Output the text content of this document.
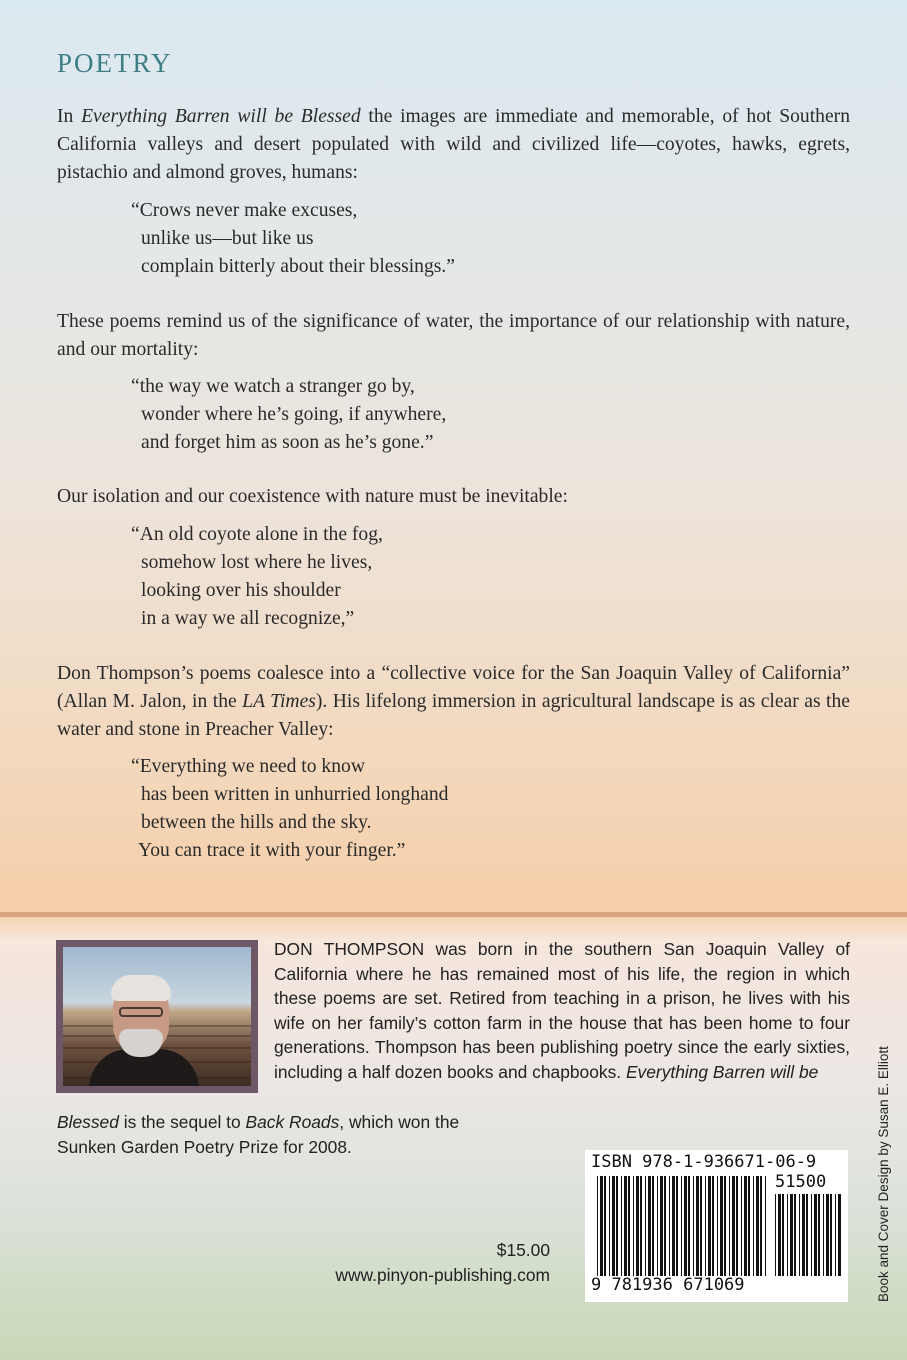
POETRY

In Everything Barren will be Blessed the images are immediate and memorable, of hot Southern California valleys and desert populated with wild and civilized life—coyotes, hawks, egrets, pistachio and almond groves, humans:

“Crows never make excuses,
unlike us—but like us
complain bitterly about their blessings.”

These poems remind us of the significance of water, the importance of our relationship with nature, and our mortality:

“the way we watch a stranger go by,
wonder where he’s going, if anywhere,
and forget him as soon as he’s gone.”

Our isolation and our coexistence with nature must be inevitable:

“An old coyote alone in the fog,
somehow lost where he lives,
looking over his shoulder
in a way we all recognize,”

Don Thompson’s poems coalesce into a “collective voice for the San Joaquin Valley of California” (Allan M. Jalon, in the LA Times). His lifelong immersion in agricultural landscape is as clear as the water and stone in Preacher Valley:

“Everything we need to know
has been written in unhurried longhand
between the hills and the sky.
You can trace it with your finger.”

DON THOMPSON was born in the southern San Joaquin Valley of California where he has remained most of his life, the region in which these poems are set. Retired from teaching in a prison, he lives with his wife on her family’s cotton farm in the house that has been home to four generations. Thompson has been publishing poetry since the early sixties, including a half dozen books and chapbooks. Everything Barren will be

Blessed is the sequel to Back Roads, which won the
Sunken Garden Poetry Prize for 2008.

$15.00
www.pinyon-publishing.com
ISBN 978-1-936671-06-9
51500
9 781936 671069	Book and Cover Design by Susan E. Elliott
